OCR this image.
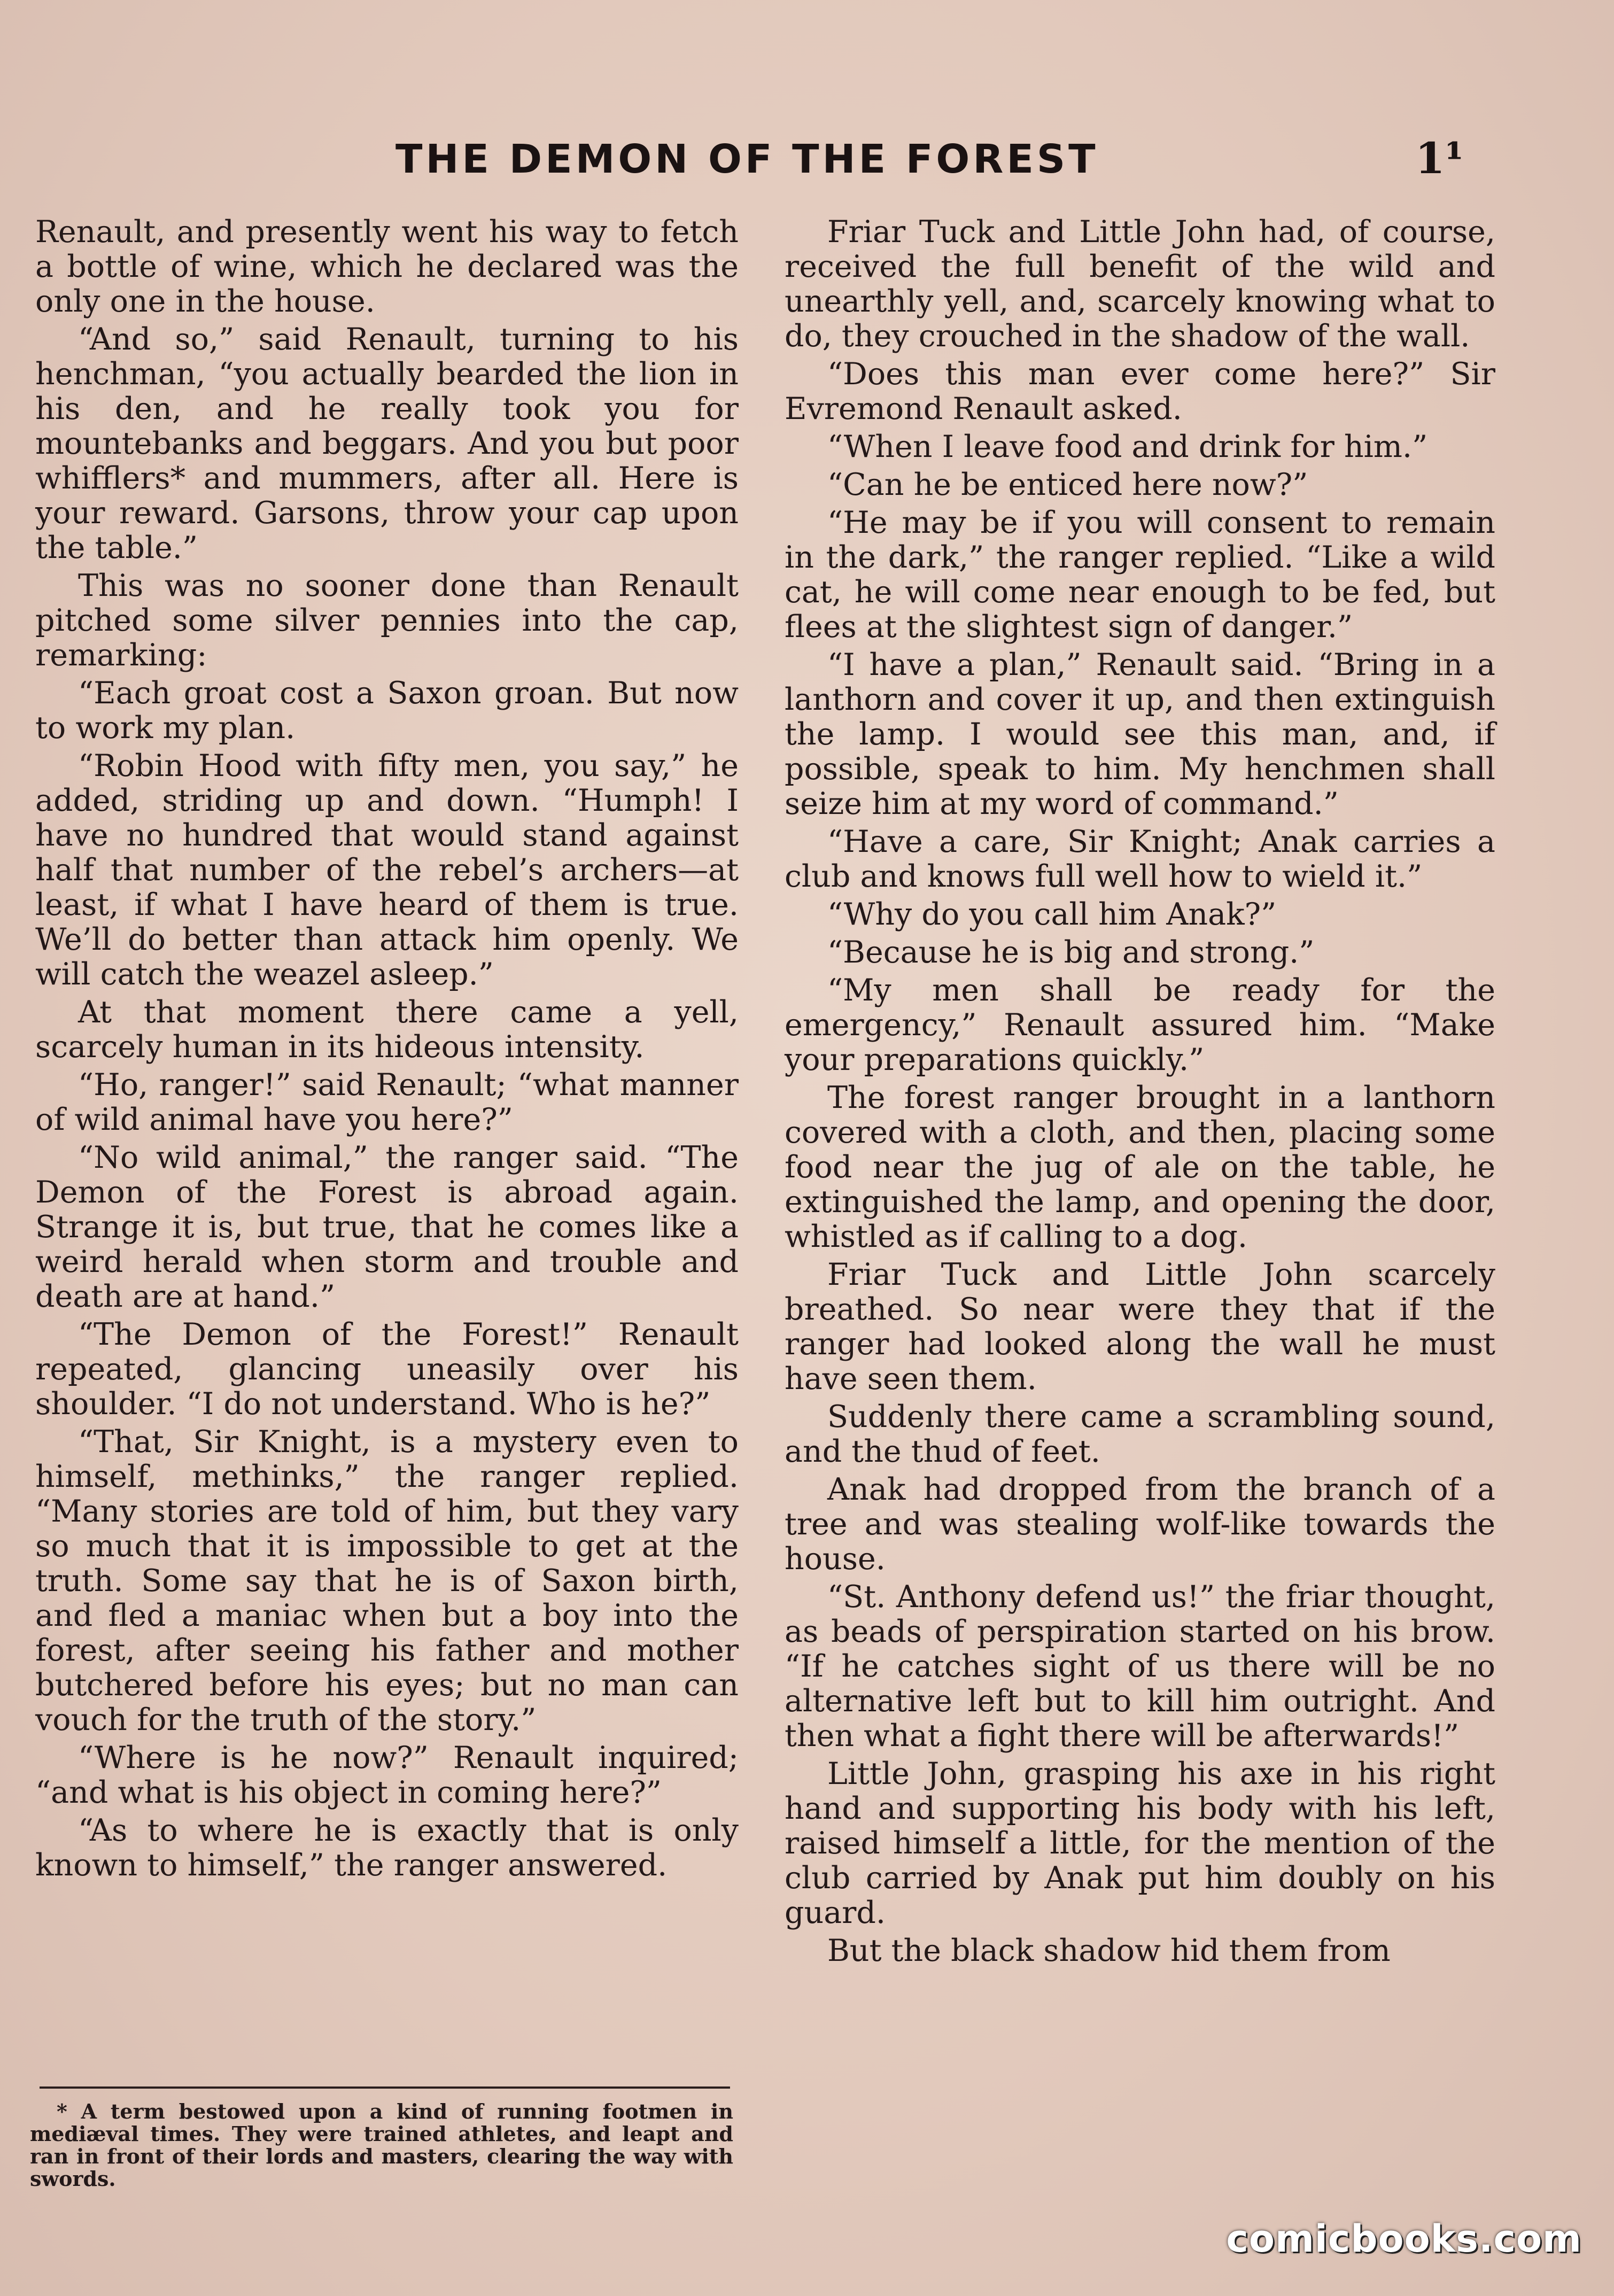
THE DEMON OF THE FOREST	1¹

Renault, and presently went his way to fetch a bottle of wine, which he declared was the only one in the house.

“And so,” said Renault, turning to his henchman, “you actually bearded the lion in his den, and he really took you for mountebanks and beggars. And you but poor whifflers* and mummers, after all. Here is your reward. Garsons, throw your cap upon the table.”

This was no sooner done than Renault pitched some silver pennies into the cap, remarking:

“Each groat cost a Saxon groan. But now to work my plan.

“Robin Hood with fifty men, you say,” he added, striding up and down. “Humph! I have no hundred that would stand against half that number of the rebel’s archers—at least, if what I have heard of them is true. We’ll do better than attack him openly. We will catch the weazel asleep.”

At that moment there came a yell, scarcely human in its hideous intensity.

“Ho, ranger!” said Renault; “what manner of wild animal have you here?”

“No wild animal,” the ranger said. “The Demon of the Forest is abroad again. Strange it is, but true, that he comes like a weird herald when storm and trouble and death are at hand.”

“The Demon of the Forest!” Renault repeated, glancing uneasily over his shoulder. “I do not understand. Who is he?”

“That, Sir Knight, is a mystery even to himself, methinks,” the ranger replied. “Many stories are told of him, but they vary so much that it is impossible to get at the truth. Some say that he is of Saxon birth, and fled a maniac when but a boy into the forest, after seeing his father and mother butchered before his eyes; but no man can vouch for the truth of the story.”

“Where is he now?” Renault inquired; “and what is his object in coming here?”

“As to where he is exactly that is only known to himself,” the ranger answered.

Friar Tuck and Little John had, of course, received the full benefit of the wild and unearthly yell, and, scarcely knowing what to do, they crouched in the shadow of the wall.

“Does this man ever come here?” Sir Evremond Renault asked.

“When I leave food and drink for him.”

“Can he be enticed here now?”

“He may be if you will consent to remain in the dark,” the ranger replied. “Like a wild cat, he will come near enough to be fed, but flees at the slightest sign of danger.”

“I have a plan,” Renault said. “Bring in a lanthorn and cover it up, and then extinguish the lamp. I would see this man, and, if possible, speak to him. My henchmen shall seize him at my word of command.”

“Have a care, Sir Knight; Anak carries a club and knows full well how to wield it.”

“Why do you call him Anak?”

“Because he is big and strong.”

“My men shall be ready for the emergency,” Renault assured him. “Make your preparations quickly.”

The forest ranger brought in a lanthorn covered with a cloth, and then, placing some food near the jug of ale on the table, he extinguished the lamp, and opening the door, whistled as if calling to a dog.

Friar Tuck and Little John scarcely breathed. So near were they that if the ranger had looked along the wall he must have seen them.

Suddenly there came a scrambling sound, and the thud of feet.

Anak had dropped from the branch of a tree and was stealing wolf-like towards the house.

“St. Anthony defend us!” the friar thought, as beads of perspiration started on his brow. “If he catches sight of us there will be no alternative left but to kill him outright. And then what a fight there will be afterwards!”

Little John, grasping his axe in his right hand and supporting his body with his left, raised himself a little, for the mention of the club carried by Anak put him doubly on his guard.

But the black shadow hid them from

* A term bestowed upon a kind of running footmen in mediæval times. They were trained athletes, and leapt and ran in front of their lords and masters, clearing the way with swords.
comicbooks.com
